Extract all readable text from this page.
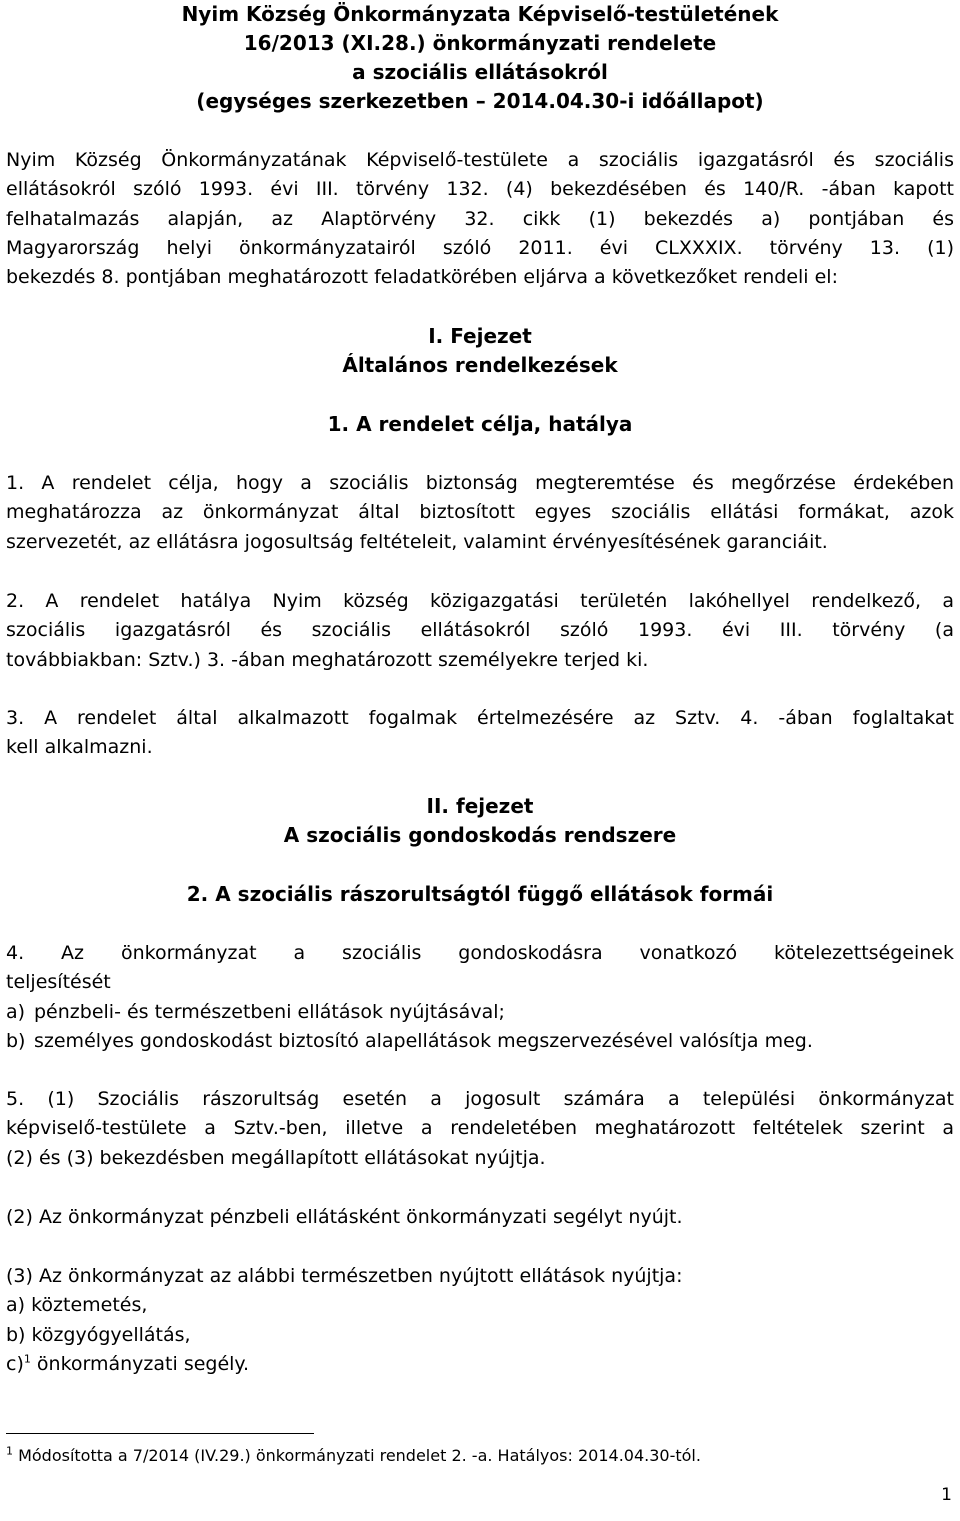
Nyim Község Önkormányzata Képviselő-testületének
16/2013 (XI.28.) önkormányzati rendelete
a szociális ellátásokról
(egységes szerkezetben – 2014.04.30-i időállapot)
Nyim Község Önkormányzatának Képviselő-testülete a szociális igazgatásról és szociális
ellátásokról szóló 1993. évi III. törvény 132. (4) bekezdésében és 140/R. -ában kapott
felhatalmazás alapján, az Alaptörvény 32. cikk (1) bekezdés a) pontjában és
Magyarország helyi önkormányzatairól szóló 2011. évi CLXXXIX. törvény 13. (1)
bekezdés 8. pontjában meghatározott feladatkörében eljárva a következőket rendeli el:
I. Fejezet
Általános rendelkezések
1. A rendelet célja, hatálya
1. A rendelet célja, hogy a szociális biztonság megteremtése és megőrzése érdekében
meghatározza az önkormányzat által biztosított egyes szociális ellátási formákat, azok
szervezetét, az ellátásra jogosultság feltételeit, valamint érvényesítésének garanciáit.
2. A rendelet hatálya Nyim község közigazgatási területén lakóhellyel rendelkező, a
szociális igazgatásról és szociális ellátásokról szóló 1993. évi III. törvény (a
továbbiakban: Sztv.) 3. -ában meghatározott személyekre terjed ki.
3. A rendelet által alkalmazott fogalmak értelmezésére az Sztv. 4. -ában foglaltakat
kell alkalmazni.
II. fejezet
A szociális gondoskodás rendszere
2. A szociális rászorultságtól függő ellátások formái
4. Az önkormányzat a szociális gondoskodásra vonatkozó kötelezettségeinek
teljesítését
a) pénzbeli- és természetbeni ellátások nyújtásával;
b) személyes gondoskodást biztosító alapellátások megszervezésével valósítja meg.
5. (1) Szociális rászorultság esetén a jogosult számára a települési önkormányzat
képviselő-testülete a Sztv.-ben, illetve a rendeletében meghatározott feltételek szerint a
(2) és (3) bekezdésben megállapított ellátásokat nyújtja.
(2) Az önkormányzat pénzbeli ellátásként önkormányzati segélyt nyújt.
(3) Az önkormányzat az alábbi természetben nyújtott ellátások nyújtja:
a) köztemetés,
b) közgyógyellátás,
c)$^1$ önkormányzati segély.
$^1$ Módosította a 7/2014 (IV.29.) önkormányzati rendelet 2. -a. Hatályos: 2014.04.30-tól.
1
